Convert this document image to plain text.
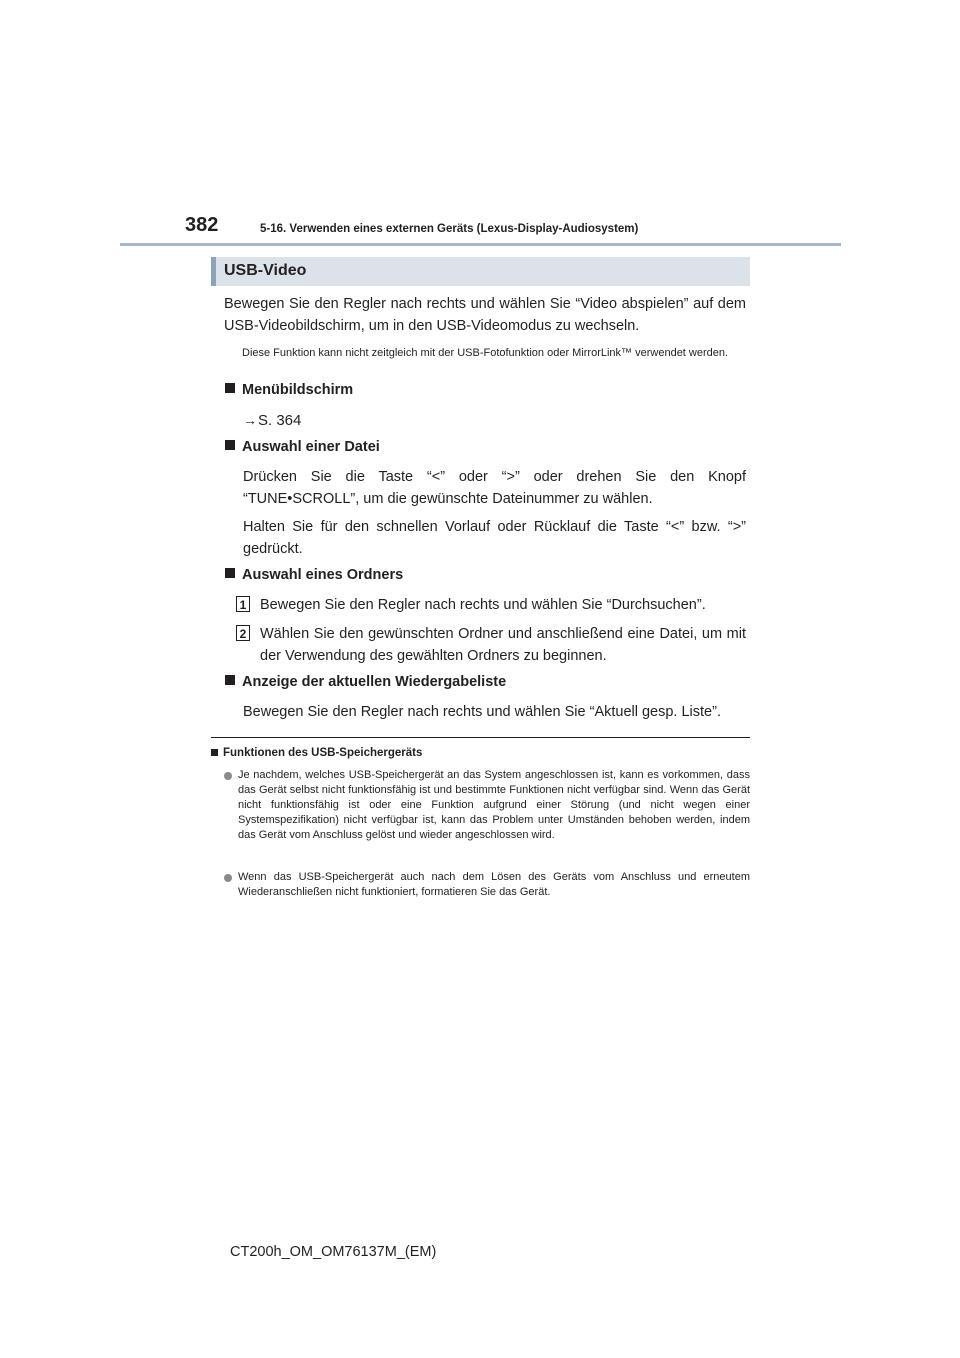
382	5-16. Verwenden eines externen Geräts (Lexus-Display-Audiosystem)
USB-Video
Bewegen Sie den Regler nach rechts und wählen Sie “Video abspielen” auf dem USB-Videobildschirm, um in den USB-Videomodus zu wechseln.
Diese Funktion kann nicht zeitgleich mit der USB-Fotofunktion oder MirrorLink™ verwendet werden.
Menübildschirm
→S. 364
Auswahl einer Datei
Drücken Sie die Taste “<” oder “>” oder drehen Sie den Knopf “TUNE•SCROLL”, um die gewünschte Dateinummer zu wählen.
Halten Sie für den schnellen Vorlauf oder Rücklauf die Taste “<” bzw. “>” gedrückt.
Auswahl eines Ordners
1 Bewegen Sie den Regler nach rechts und wählen Sie “Durchsuchen”.
2 Wählen Sie den gewünschten Ordner und anschließend eine Datei, um mit der Verwendung des gewählten Ordners zu beginnen.
Anzeige der aktuellen Wiedergabeliste
Bewegen Sie den Regler nach rechts und wählen Sie “Aktuell gesp. Liste”.
Funktionen des USB-Speichergeräts
Je nachdem, welches USB-Speichergerät an das System angeschlossen ist, kann es vorkommen, dass das Gerät selbst nicht funktionsfähig ist und bestimmte Funktionen nicht verfügbar sind. Wenn das Gerät nicht funktionsfähig ist oder eine Funktion aufgrund einer Störung (und nicht wegen einer Systemspezifikation) nicht verfügbar ist, kann das Problem unter Umständen behoben werden, indem das Gerät vom Anschluss gelöst und wieder angeschlossen wird.
Wenn das USB-Speichergerät auch nach dem Lösen des Geräts vom Anschluss und erneutem Wiederanschließen nicht funktioniert, formatieren Sie das Gerät.
CT200h_OM_OM76137M_(EM)
